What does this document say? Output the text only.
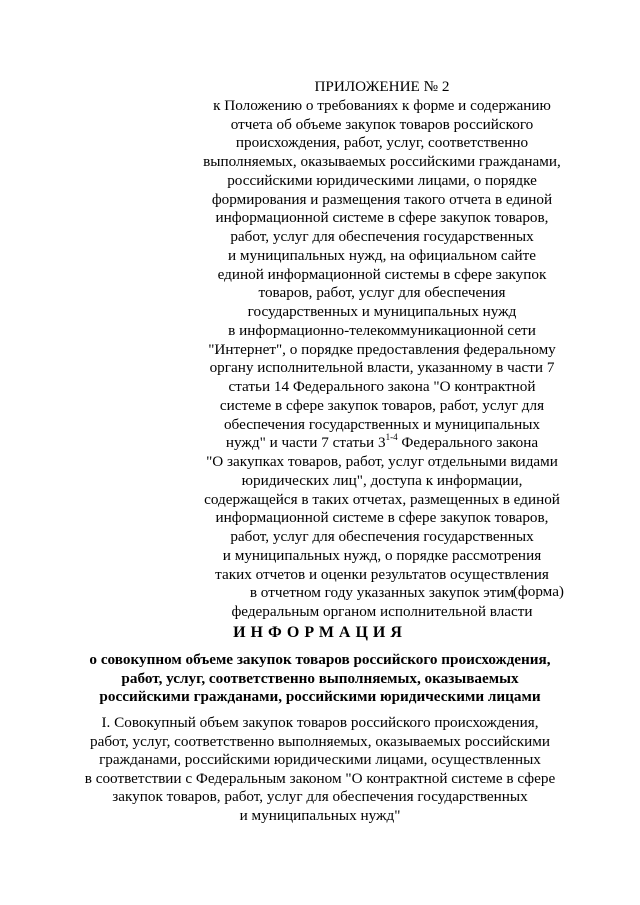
ПРИЛОЖЕНИЕ № 2
к Положению о требованиях к форме и содержанию
отчета об объеме закупок товаров российского
происхождения, работ, услуг, соответственно
выполняемых, оказываемых российскими гражданами,
российскими юридическими лицами, о порядке
формирования и размещения такого отчета в единой
информационной системе в сфере закупок товаров,
работ, услуг для обеспечения государственных
и муниципальных нужд, на официальном сайте
единой информационной системы в сфере закупок
товаров, работ, услуг для обеспечения
государственных и муниципальных нужд
в информационно-телекоммуникационной сети
"Интернет", о порядке предоставления федеральному
органу исполнительной власти, указанному в части 7
статьи 14 Федерального закона "О контрактной
системе в сфере закупок товаров, работ, услуг для
обеспечения государственных и муниципальных
нужд" и части 7 статьи 3$^{1-4}$ Федерального закона
"О закупках товаров, работ, услуг отдельными видами
юридических лиц", доступа к информации,
содержащейся в таких отчетах, размещенных в единой
информационной системе в сфере закупок товаров,
работ, услуг для обеспечения государственных
и муниципальных нужд, о порядке рассмотрения
таких отчетов и оценки результатов осуществления
в отчетном году указанных закупок этим
федеральным органом исполнительной власти
(форма)
ИНФОРМАЦИЯ
о совокупном объеме закупок товаров российского происхождения,
работ, услуг, соответственно выполняемых, оказываемых
российскими гражданами, российскими юридическими лицами
I. Совокупный объем закупок товаров российского происхождения,
работ, услуг, соответственно выполняемых, оказываемых российскими
гражданами, российскими юридическими лицами, осуществленных
в соответствии с Федеральным законом "О контрактной системе в сфере
закупок товаров, работ, услуг для обеспечения государственных
и муниципальных нужд"
